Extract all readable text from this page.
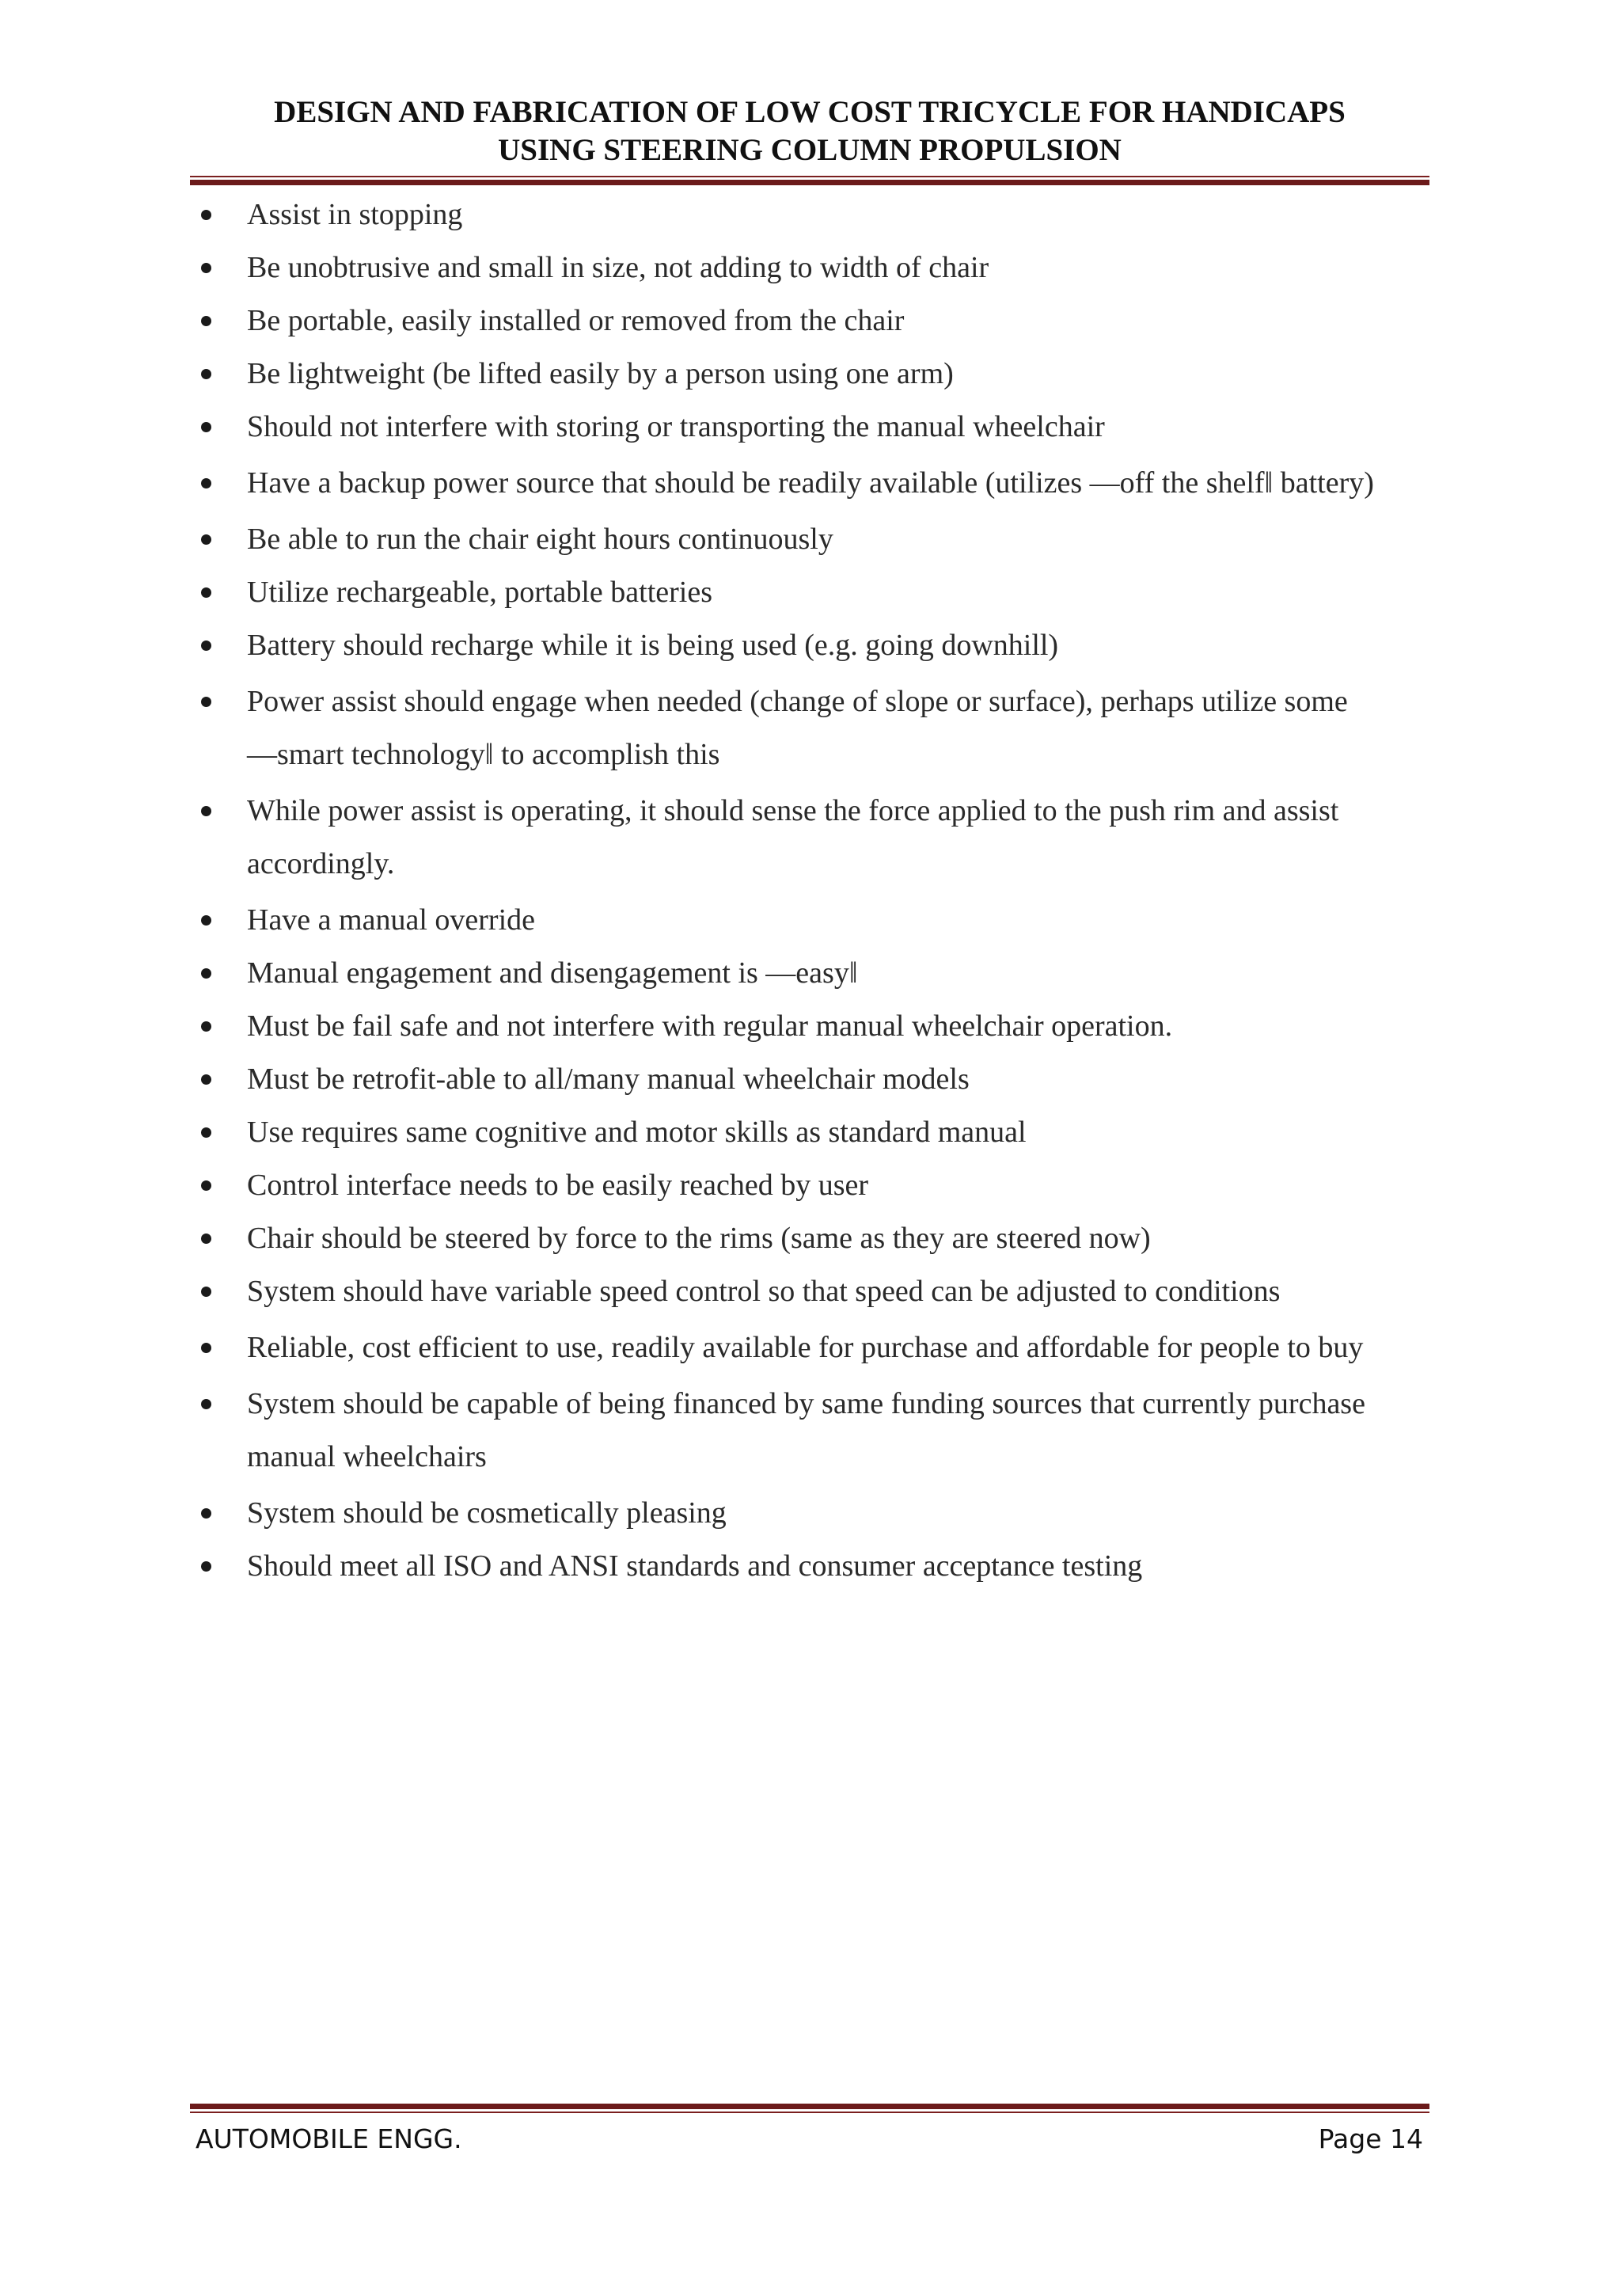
DESIGN AND FABRICATION OF LOW COST TRICYCLE FOR HANDICAPS
USING STEERING COLUMN PROPULSION
Assist in stopping
Be unobtrusive and small in size, not adding to width of chair
Be portable, easily installed or removed from the chair
Be lightweight (be lifted easily by a person using one arm)
Should not interfere with storing or transporting the manual wheelchair
Have a backup power source that should be readily available (utilizes ―off the shelf‖ battery)
Be able to run the chair eight hours continuously
Utilize rechargeable, portable batteries
Battery should recharge while it is being used (e.g. going downhill)
Power assist should engage when needed (change of slope or surface), perhaps utilize some ―smart technology‖ to accomplish this
While power assist is operating, it should sense the force applied to the push rim and assist accordingly.
Have a manual override
Manual engagement and disengagement is ―easy‖
Must be fail safe and not interfere with regular manual wheelchair operation.
Must be retrofit-able to all/many manual wheelchair models
Use requires same cognitive and motor skills as standard manual
Control interface needs to be easily reached by user
Chair should be steered by force to the rims (same as they are steered now)
System should have variable speed control so that speed can be adjusted to conditions
Reliable, cost efficient to use, readily available for purchase and affordable for people to buy
System should be capable of being financed by same funding sources that currently purchase manual wheelchairs
System should be cosmetically pleasing
Should meet all ISO and ANSI standards and consumer acceptance testing
AUTOMOBILE ENGG.	Page 14
